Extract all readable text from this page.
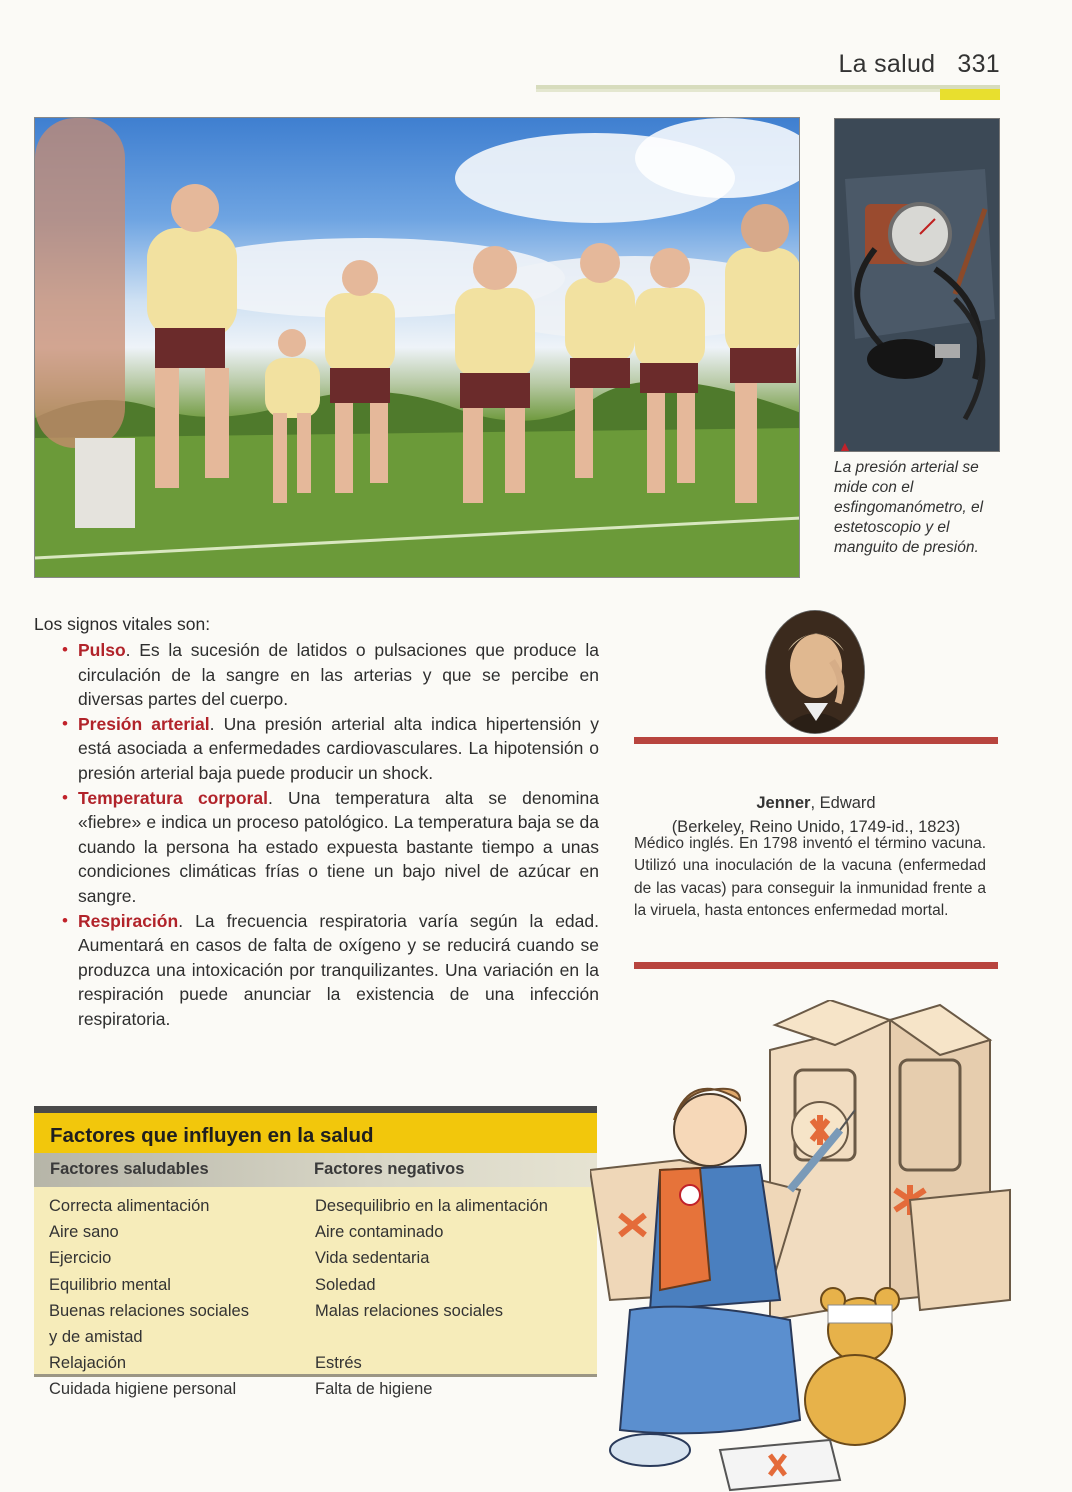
La salud 331
▲
La presión arterial se mide con el esfingomanómetro, el estetoscopio y el manguito de presión.
Los signos vitales son:
• Pulso. Es la sucesión de latidos o pulsaciones que produce la circulación de la sangre en las arterias y que se percibe en diversas partes del cuerpo.
• Presión arterial. Una presión arterial alta indica hipertensión y está asociada a enfermedades cardiovasculares. La hipotensión o presión arterial baja puede producir un shock.
• Temperatura corporal. Una temperatura alta se denomina «fiebre» e indica un proceso patológico. La temperatura baja se da cuando la persona ha estado expuesta bastante tiempo a unas condiciones climáticas frías o tiene un bajo nivel de azúcar en sangre.
• Respiración. La frecuencia respiratoria varía según la edad. Aumentará en casos de falta de oxígeno y se reducirá cuando se produzca una intoxicación por tranquilizantes. Una variación en la respiración puede anunciar la existencia de una infección respiratoria.
Jenner, Edward
(Berkeley, Reino Unido, 1749-id., 1823)
Médico inglés. En 1798 inventó el término vacuna. Utilizó una inoculación de la vacuna (enfermedad de las vacas) para conseguir la inmunidad frente a la viruela, hasta entonces enfermedad mortal.
Factores que influyen en la salud
Factores saludables	Factores negativos
Correcta alimentación
Aire sano
Ejercicio
Equilibrio mental
Buenas relaciones sociales
y de amistad
Relajación
Cuidada higiene personal
Desequilibrio en la alimentación
Aire contaminado
Vida sedentaria
Soledad
Malas relaciones sociales
Estrés
Falta de higiene
